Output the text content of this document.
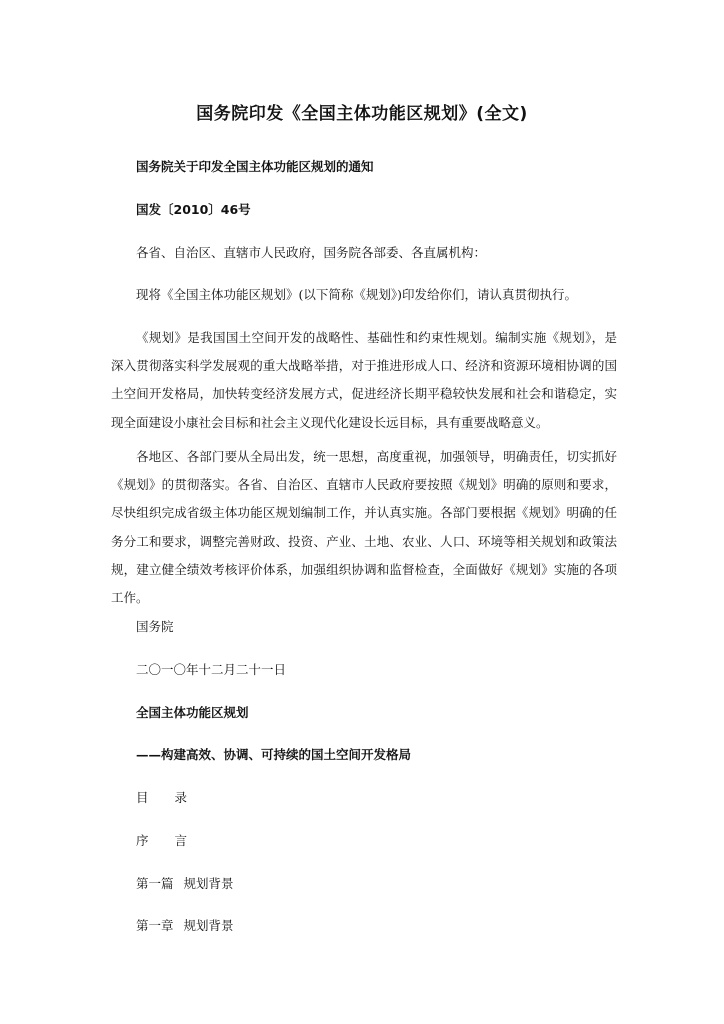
国务院印发《全国主体功能区规划》(全文)
国务院关于印发全国主体功能区规划的通知
国发〔2010〕46号
各省、自治区、直辖市人民政府，国务院各部委、各直属机构：
现将《全国主体功能区规划》(以下简称《规划》)印发给你们，请认真贯彻执行。

《规划》是我国国土空间开发的战略性、基础性和约束性规划。编制实施《规划》，是深入贯彻落实科学发展观的重大战略举措，对于推进形成人口、经济和资源环境相协调的国土空间开发格局，加快转变经济发展方式，促进经济长期平稳较快发展和社会和谐稳定，实现全面建设小康社会目标和社会主义现代化建设长远目标，具有重要战略意义。

各地区、各部门要从全局出发，统一思想，高度重视，加强领导，明确责任，切实抓好《规划》的贯彻落实。各省、自治区、直辖市人民政府要按照《规划》明确的原则和要求，尽快组织完成省级主体功能区规划编制工作，并认真实施。各部门要根据《规划》明确的任务分工和要求，调整完善财政、投资、产业、土地、农业、人口、环境等相关规划和政策法规，建立健全绩效考核评价体系，加强组织协调和监督检查，全面做好《规划》实施的各项工作。

国务院
二〇一〇年十二月二十一日
全国主体功能区规划
——构建高效、协调、可持续的国土空间开发格局
目 录
序 言
第一篇 规划背景
第一章 规划背景
